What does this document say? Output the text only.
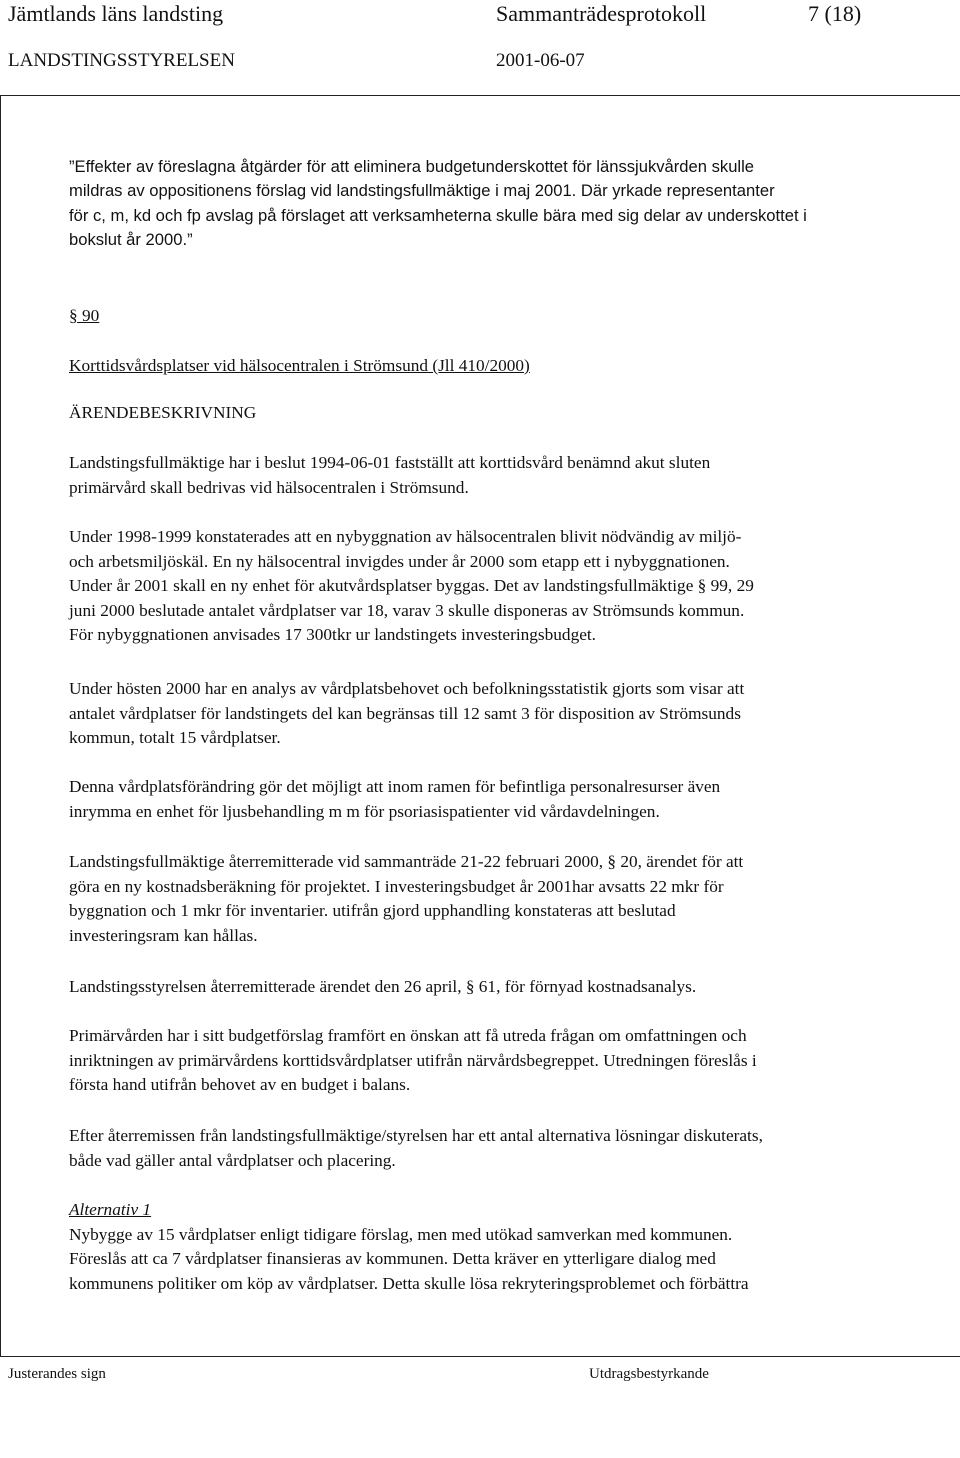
Jämtlands läns landsting	Sammanträdesprotokoll	7 (18)
LANDSTINGSSTYRELSEN	2001-06-07
”Effekter av föreslagna åtgärder för att eliminera budgetunderskottet för länssjukvården skulle
mildras av oppositionens förslag vid landstingsfullmäktige i maj 2001. Där yrkade representanter
för c, m, kd och fp avslag på förslaget att verksamheterna skulle bära med sig delar av underskottet i
bokslut år 2000.”
§ 90
Korttidsvårdsplatser vid hälsocentralen i Strömsund (Jll 410/2000)
ÄRENDEBESKRIVNING
Landstingsfullmäktige har i beslut 1994-06-01 fastställt att korttidsvård benämnd akut sluten
primärvård skall bedrivas vid hälsocentralen i Strömsund.
Under 1998-1999 konstaterades att en nybyggnation av hälsocentralen blivit nödvändig av miljö-
och arbetsmiljöskäl. En ny hälsocentral invigdes under år 2000 som etapp ett i nybyggnationen.
Under år 2001 skall en ny enhet för akutvårdsplatser byggas. Det av landstingsfullmäktige § 99, 29
juni 2000 beslutade antalet vårdplatser var 18, varav 3 skulle disponeras av Strömsunds kommun.
För nybyggnationen anvisades 17 300tkr ur landstingets investeringsbudget.
Under hösten 2000 har en analys av vårdplatsbehovet och befolkningsstatistik gjorts som visar att
antalet vårdplatser för landstingets del kan begränsas till 12 samt 3 för disposition av Strömsunds
kommun, totalt 15 vårdplatser.
Denna vårdplatsförändring gör det möjligt att inom ramen för befintliga personalresurser även
inrymma en enhet för ljusbehandling m m för psoriasispatienter vid vårdavdelningen.
Landstingsfullmäktige återremitterade vid sammanträde 21-22 februari 2000, § 20, ärendet för att
göra en ny kostnadsberäkning för projektet. I investeringsbudget år 2001har avsatts 22 mkr för
byggnation och 1 mkr för inventarier. utifrån gjord upphandling konstateras att beslutad
investeringsram kan hållas.
Landstingsstyrelsen återremitterade ärendet den 26 april, § 61, för förnyad kostnadsanalys.
Primärvården har i sitt budgetförslag framfört en önskan att få utreda frågan om omfattningen och
inriktningen av primärvårdens korttidsvårdplatser utifrån närvårdsbegreppet. Utredningen föreslås i
första hand utifrån behovet av en budget i balans.
Efter återremissen från landstingsfullmäktige/styrelsen har ett antal alternativa lösningar diskuterats,
både vad gäller antal vårdplatser och placering.
Alternativ 1
Nybygge av 15 vårdplatser enligt tidigare förslag, men med utökad samverkan med kommunen.
Föreslås att ca 7 vårdplatser finansieras av kommunen. Detta kräver en ytterligare dialog med
kommunens politiker om köp av vårdplatser. Detta skulle lösa rekryteringsproblemet och förbättra
Justerandes sign	Utdragsbestyrkande
